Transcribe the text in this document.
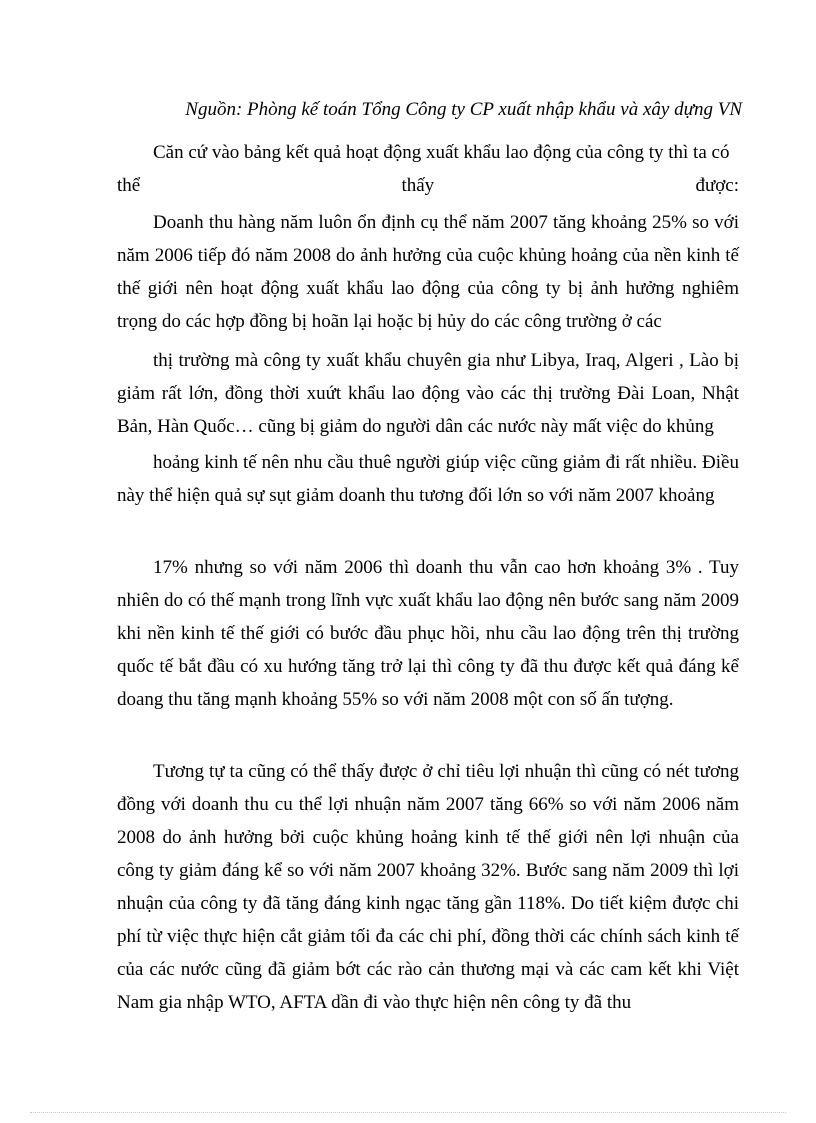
Nguồn: Phòng kế toán Tổng Công ty CP xuất nhập khẩu và xây dựng VN
Căn cứ vào bảng kết quả hoạt động xuất khẩu lao động của công ty thì ta có
thể	thấy	được:
Doanh thu hàng năm luôn ổn định cụ thể năm 2007 tăng khoảng 25% so với năm 2006 tiếp đó năm 2008 do ảnh hưởng của cuộc khủng hoảng của nền kinh tế thế giới nên hoạt động xuất khẩu lao động của công ty bị ảnh hưởng nghiêm trọng do các hợp đồng bị hoãn lại hoặc bị hủy do các công trường ở các
thị trường mà công ty xuất khẩu chuyên gia như Libya, Iraq, Algeri , Lào bị giảm rất lớn, đồng thời xuứt khẩu lao động vào các thị trường Đài Loan, Nhật Bản, Hàn Quốc… cũng bị giảm do người dân các nước này mất việc do khủng
hoảng kinh tế nên nhu cầu thuê người giúp việc cũng giảm đi rất nhiều. Điều này thể hiện quả sự sụt giảm doanh thu tương đối lớn so với năm 2007 khoảng
17% nhưng so với năm 2006 thì doanh thu vẫn cao hơn khoảng 3% . Tuy nhiên do có thế mạnh trong lĩnh vực xuất khẩu lao động nên bước sang năm 2009 khi nền kinh tế thế giới có bước đầu phục hồi, nhu cầu lao động trên thị trường quốc tế bắt đầu có xu hướng tăng trở lại thì công ty đã thu được kết quả đáng kể doang thu tăng mạnh khoảng 55% so với năm 2008 một con số ấn tượng.
Tương tự ta cũng có thể thấy được ở chỉ tiêu lợi nhuận thì cũng có nét tương đồng với doanh thu cu thể lợi nhuận năm 2007 tăng 66% so với năm 2006 năm 2008 do ảnh hưởng bởi cuộc khủng hoảng kinh tế thế giới nên lợi nhuận của công ty giảm đáng kể so với năm 2007 khoảng 32%. Bước sang năm 2009 thì lợi nhuận của công ty đã tăng đáng kinh ngạc tăng gần 118%. Do tiết kiệm được chi phí từ việc thực hiện cắt giảm tối đa các chi phí, đồng thời các chính sách kinh tế của các nước cũng đã giảm bớt các rào cản thương mại và các cam kết khi Việt Nam gia nhập WTO, AFTA dần đi vào thực hiện nên công ty đã thu
